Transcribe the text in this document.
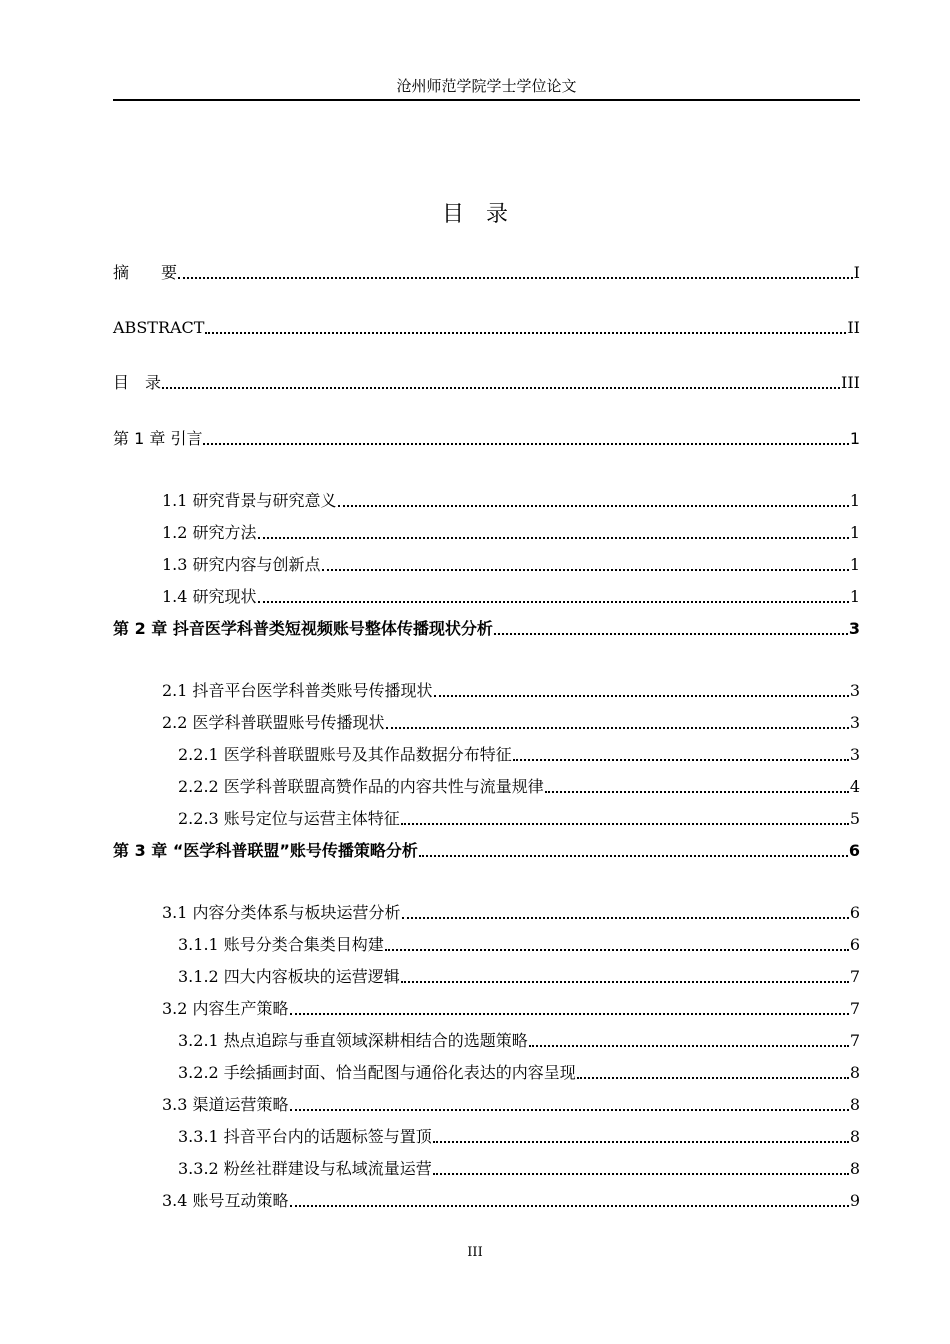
沧州师范学院学士学位论文
目　录
摘　　要	I
ABSTRACT	II
目　录	III
第 1 章 引言	1
1.1 研究背景与研究意义	1
1.2 研究方法	1
1.3 研究内容与创新点	1
1.4 研究现状	1
第 2 章 抖音医学科普类短视频账号整体传播现状分析	3
2.1 抖音平台医学科普类账号传播现状	3
2.2 医学科普联盟账号传播现状	3
2.2.1 医学科普联盟账号及其作品数据分布特征	3
2.2.2 医学科普联盟高赞作品的内容共性与流量规律	4
2.2.3 账号定位与运营主体特征	5
第 3 章 “医学科普联盟”账号传播策略分析	6
3.1 内容分类体系与板块运营分析	6
3.1.1 账号分类合集类目构建	6
3.1.2 四大内容板块的运营逻辑	7
3.2 内容生产策略	7
3.2.1 热点追踪与垂直领域深耕相结合的选题策略	7
3.2.2 手绘插画封面、恰当配图与通俗化表达的内容呈现	8
3.3 渠道运营策略	8
3.3.1 抖音平台内的话题标签与置顶	8
3.3.2 粉丝社群建设与私域流量运营	8
3.4 账号互动策略	9
III
